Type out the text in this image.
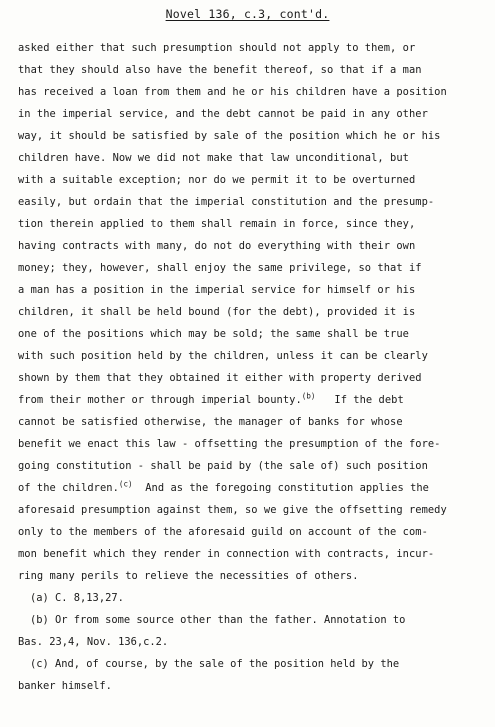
Novel 136, c.3, cont'd.
asked either that such presumption should not apply to them, or
that they should also have the benefit thereof, so that if a man
has received a loan from them and he or his children have a position
in the imperial service, and the debt cannot be paid in any other
way, it should be satisfied by sale of the position which he or his
children have. Now we did not make that law unconditional, but
with a suitable exception; nor do we permit it to be overturned
easily, but ordain that the imperial constitution and the presump-
tion therein applied to them shall remain in force, since they,
having contracts with many, do not do everything with their own
money; they, however, shall enjoy the same privilege, so that if
a man has a position in the imperial service for himself or his
children, it shall be held bound (for the debt), provided it is
one of the positions which may be sold; the same shall be true
with such position held by the children, unless it can be clearly
shown by them that they obtained it either with property derived
from their mother or through imperial bounty.$^{(b)}$ If the debt
cannot be satisfied otherwise, the manager of banks for whose
benefit we enact this law - offsetting the presumption of the fore-
going constitution - shall be paid by (the sale of) such position
of the children.$^{(c)}$ And as the foregoing constitution applies the
aforesaid presumption against them, so we give the offsetting remedy
only to the members of the aforesaid guild on account of the com-
mon benefit which they render in connection with contracts, incur-
ring many perils to relieve the necessities of others.
(a) C. 8,13,27.
(b) Or from some source other than the father. Annotation to
Bas. 23,4, Nov. 136,c.2.
(c) And, of course, by the sale of the position held by the
banker himself.
